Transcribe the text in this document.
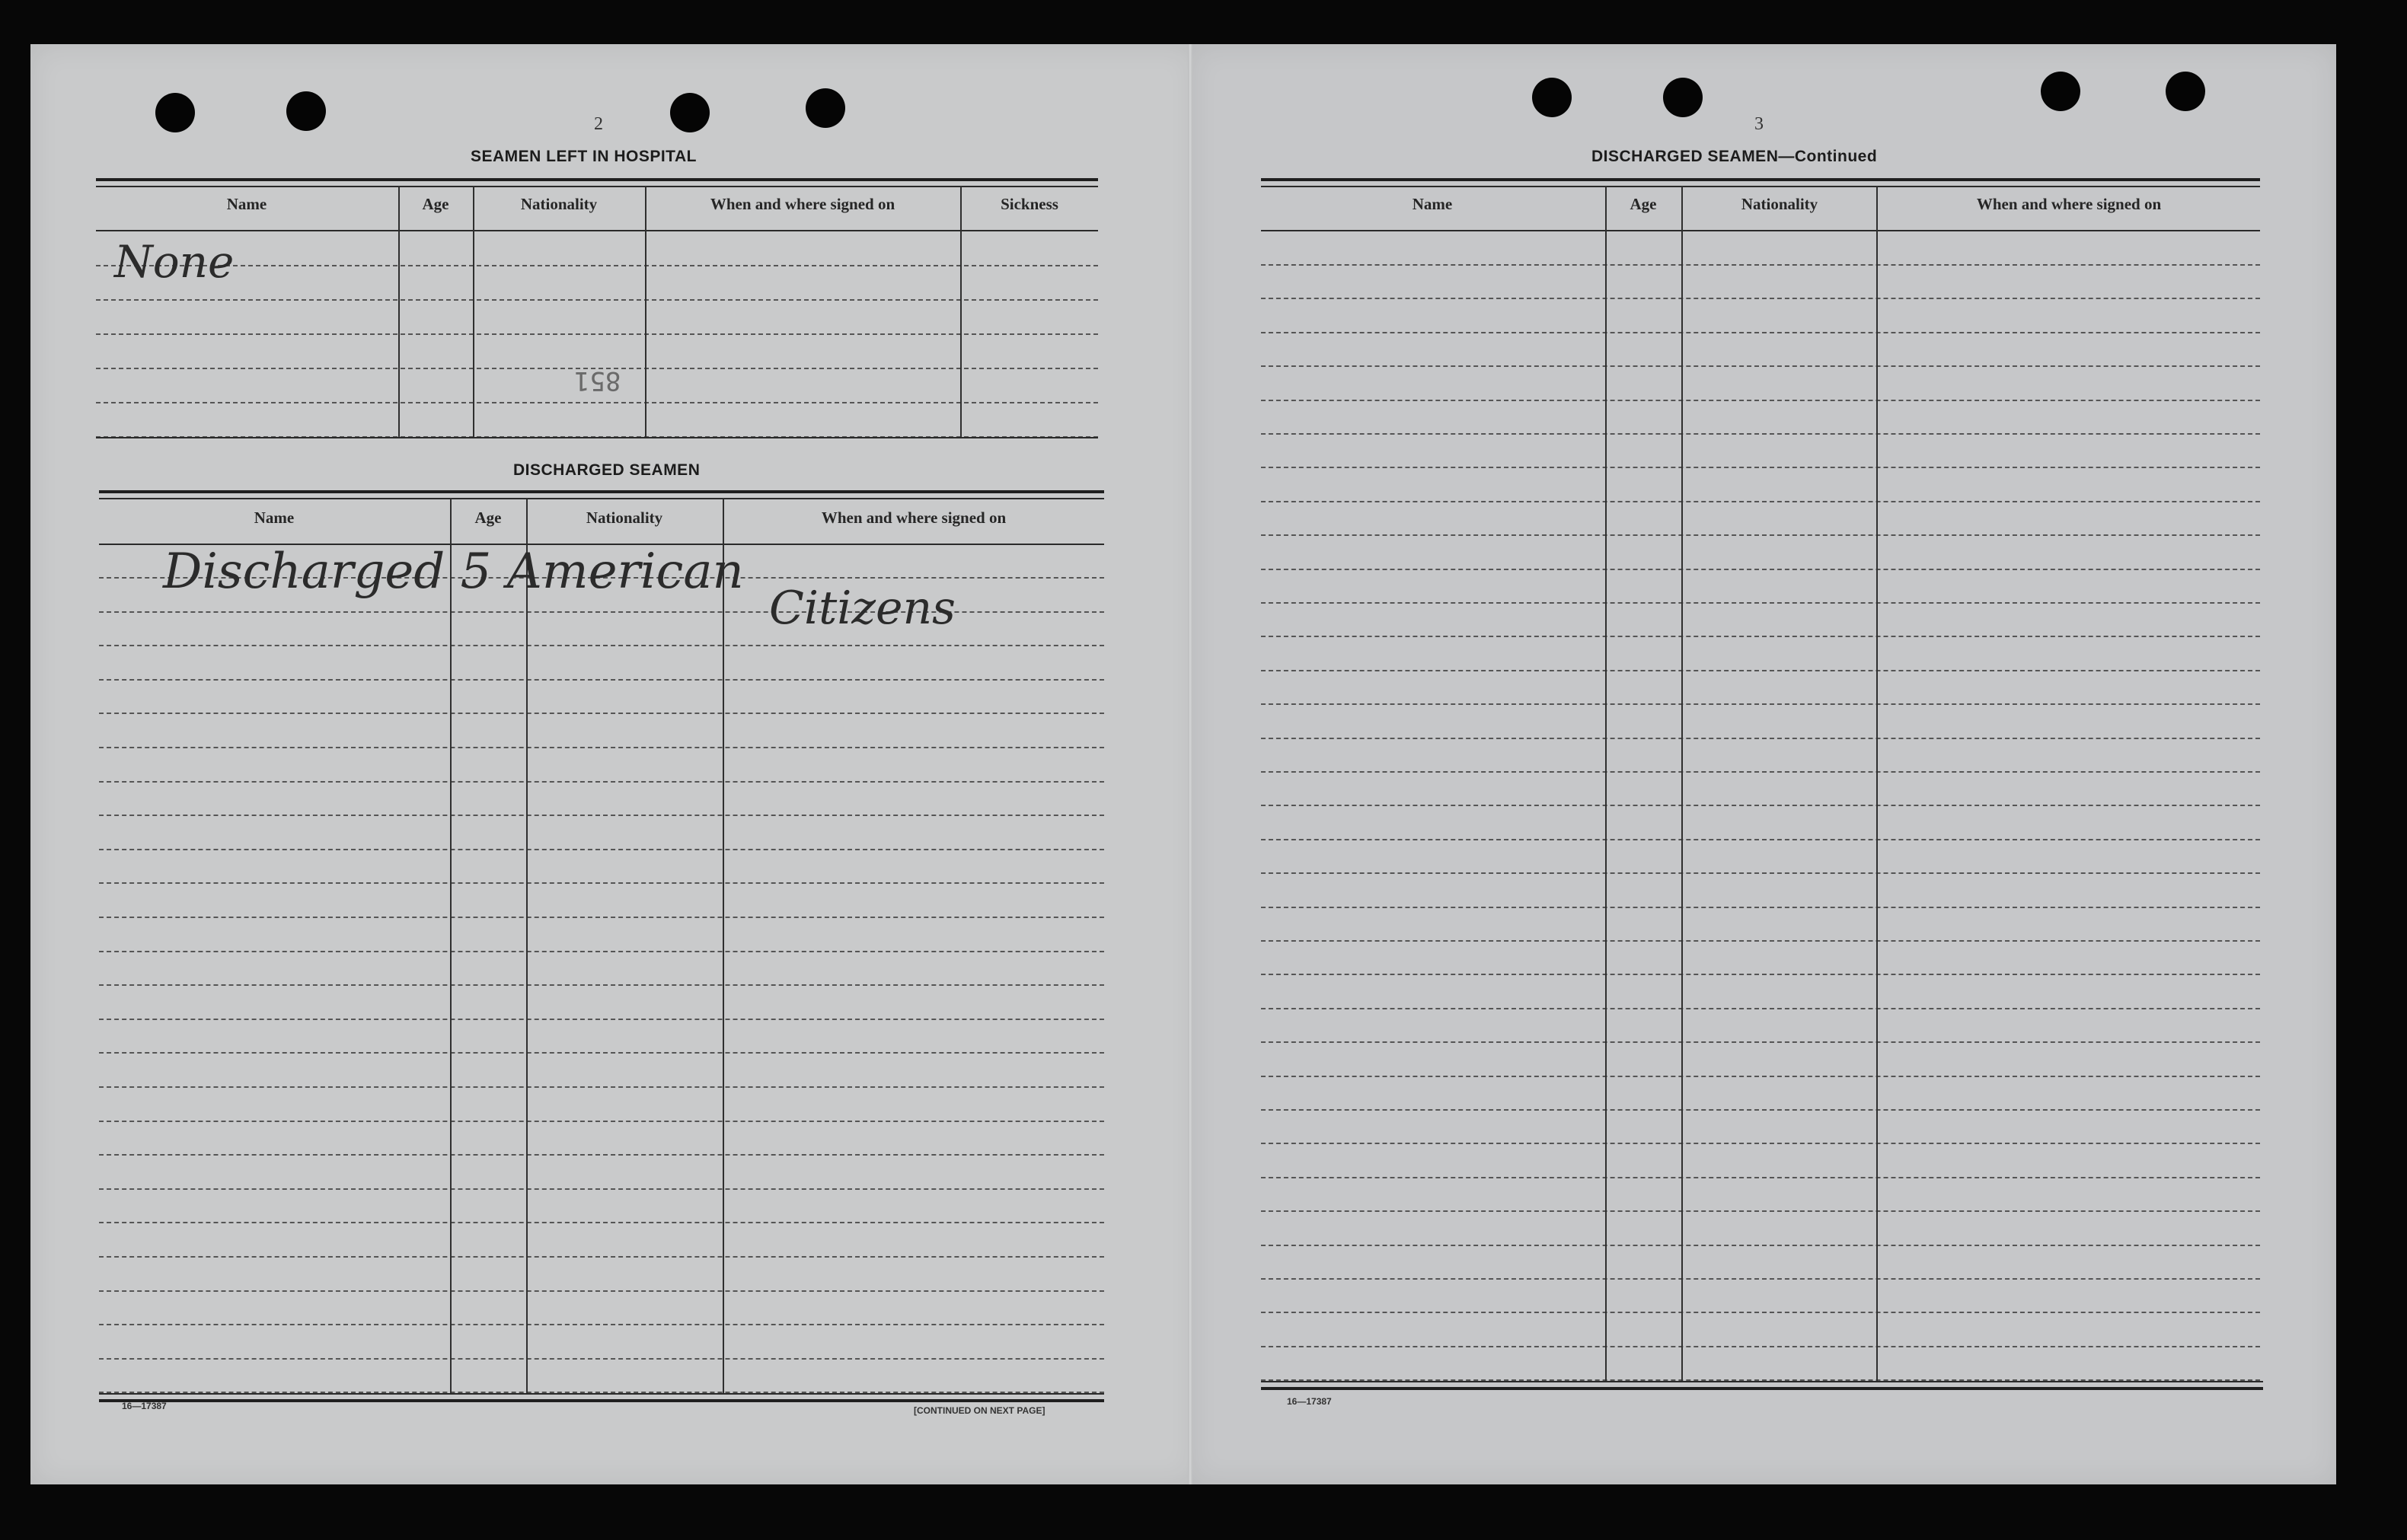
2
SEAMEN LEFT IN HOSPITAL
Name	Age	Nationality	When and where signed on	Sickness
None
851
DISCHARGED SEAMEN
Name	Age	Nationality	When and where signed on
Discharged 5 American
Citizens
16—17387	[CONTINUED ON NEXT PAGE]
3
DISCHARGED SEAMEN—Continued
Name	Age	Nationality	When and where signed on
16—17387
